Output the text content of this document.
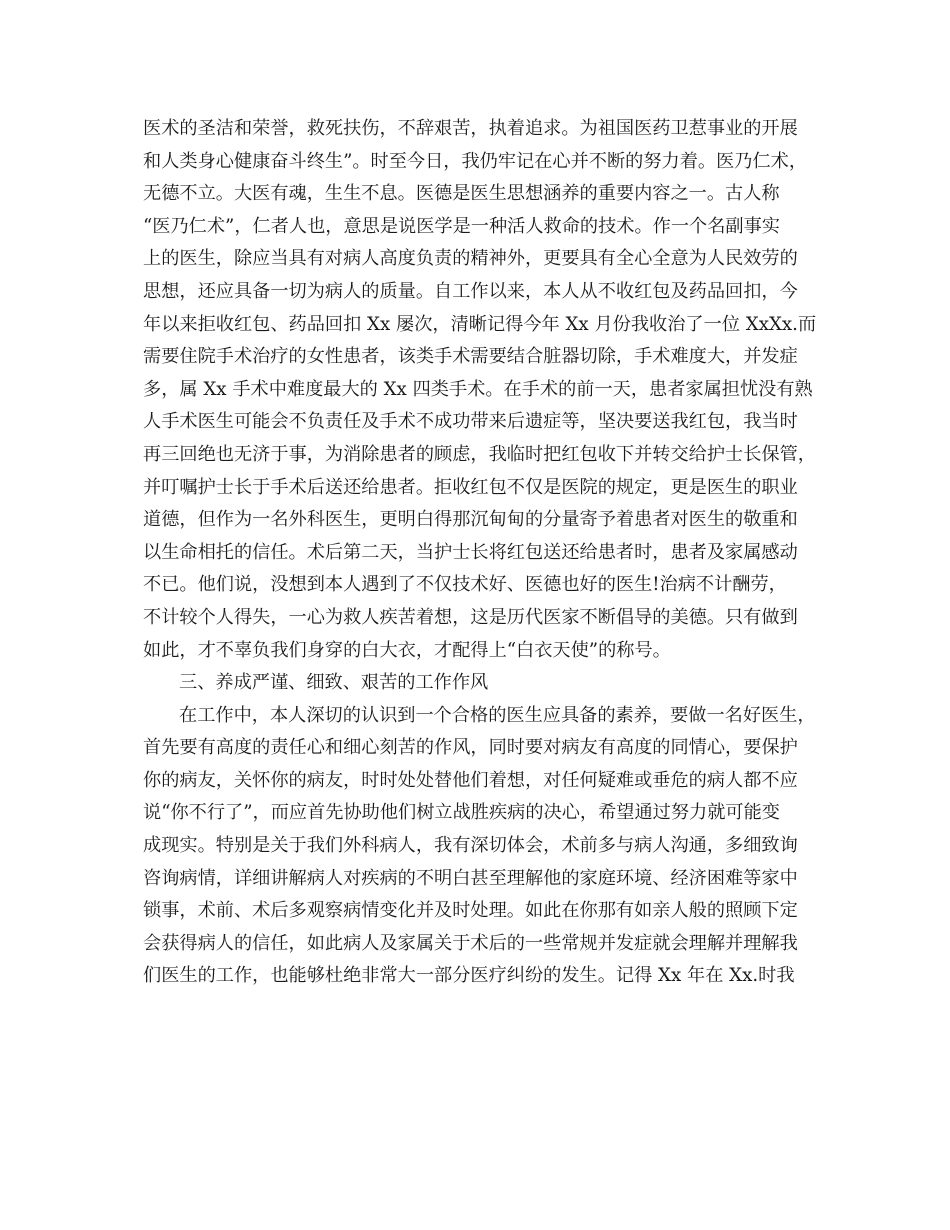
医术的圣洁和荣誉，救死扶伤，不辞艰苦，执着追求。为祖国医药卫惹事业的开展
和人类身心健康奋斗终生”。时至今日，我仍牢记在心并不断的努力着。医乃仁术，
无德不立。大医有魂，生生不息。医德是医生思想涵养的重要内容之一。古人称
“医乃仁术”，仁者人也，意思是说医学是一种活人救命的技术。作一个名副事实
上的医生，除应当具有对病人高度负责的精神外，更要具有全心全意为人民效劳的
思想，还应具备一切为病人的质量。自工作以来，本人从不收红包及药品回扣，今
年以来拒收红包、药品回扣 Xx 屡次，清晰记得今年 Xx 月份我收治了一位 XxXx.而
需要住院手术治疗的女性患者，该类手术需要结合脏器切除，手术难度大，并发症
多，属 Xx 手术中难度最大的 Xx 四类手术。在手术的前一天，患者家属担忧没有熟
人手术医生可能会不负责任及手术不成功带来后遗症等，坚决要送我红包，我当时
再三回绝也无济于事，为消除患者的顾虑，我临时把红包收下并转交给护士长保管，
并叮嘱护士长于手术后送还给患者。拒收红包不仅是医院的规定，更是医生的职业
道德，但作为一名外科医生，更明白得那沉甸甸的分量寄予着患者对医生的敬重和
以生命相托的信任。术后第二天，当护士长将红包送还给患者时，患者及家属感动
不已。他们说，没想到本人遇到了不仅技术好、医德也好的医生!治病不计酬劳，
不计较个人得失，一心为救人疾苦着想，这是历代医家不断倡导的美德。只有做到
如此，才不辜负我们身穿的白大衣，才配得上“白衣天使”的称号。
三、养成严谨、细致、艰苦的工作作风
在工作中，本人深切的认识到一个合格的医生应具备的素养，要做一名好医生，
首先要有高度的责任心和细心刻苦的作风，同时要对病友有高度的同情心，要保护
你的病友，关怀你的病友，时时处处替他们着想，对任何疑难或垂危的病人都不应
说“你不行了”，而应首先协助他们树立战胜疾病的决心，希望通过努力就可能变
成现实。特别是关于我们外科病人，我有深切体会，术前多与病人沟通，多细致询
咨询病情，详细讲解病人对疾病的不明白甚至理解他的家庭环境、经济困难等家中
锁事，术前、术后多观察病情变化并及时处理。如此在你那有如亲人般的照顾下定
会获得病人的信任，如此病人及家属关于术后的一些常规并发症就会理解并理解我
们医生的工作，也能够杜绝非常大一部分医疗纠纷的发生。记得 Xx 年在 Xx.时我
